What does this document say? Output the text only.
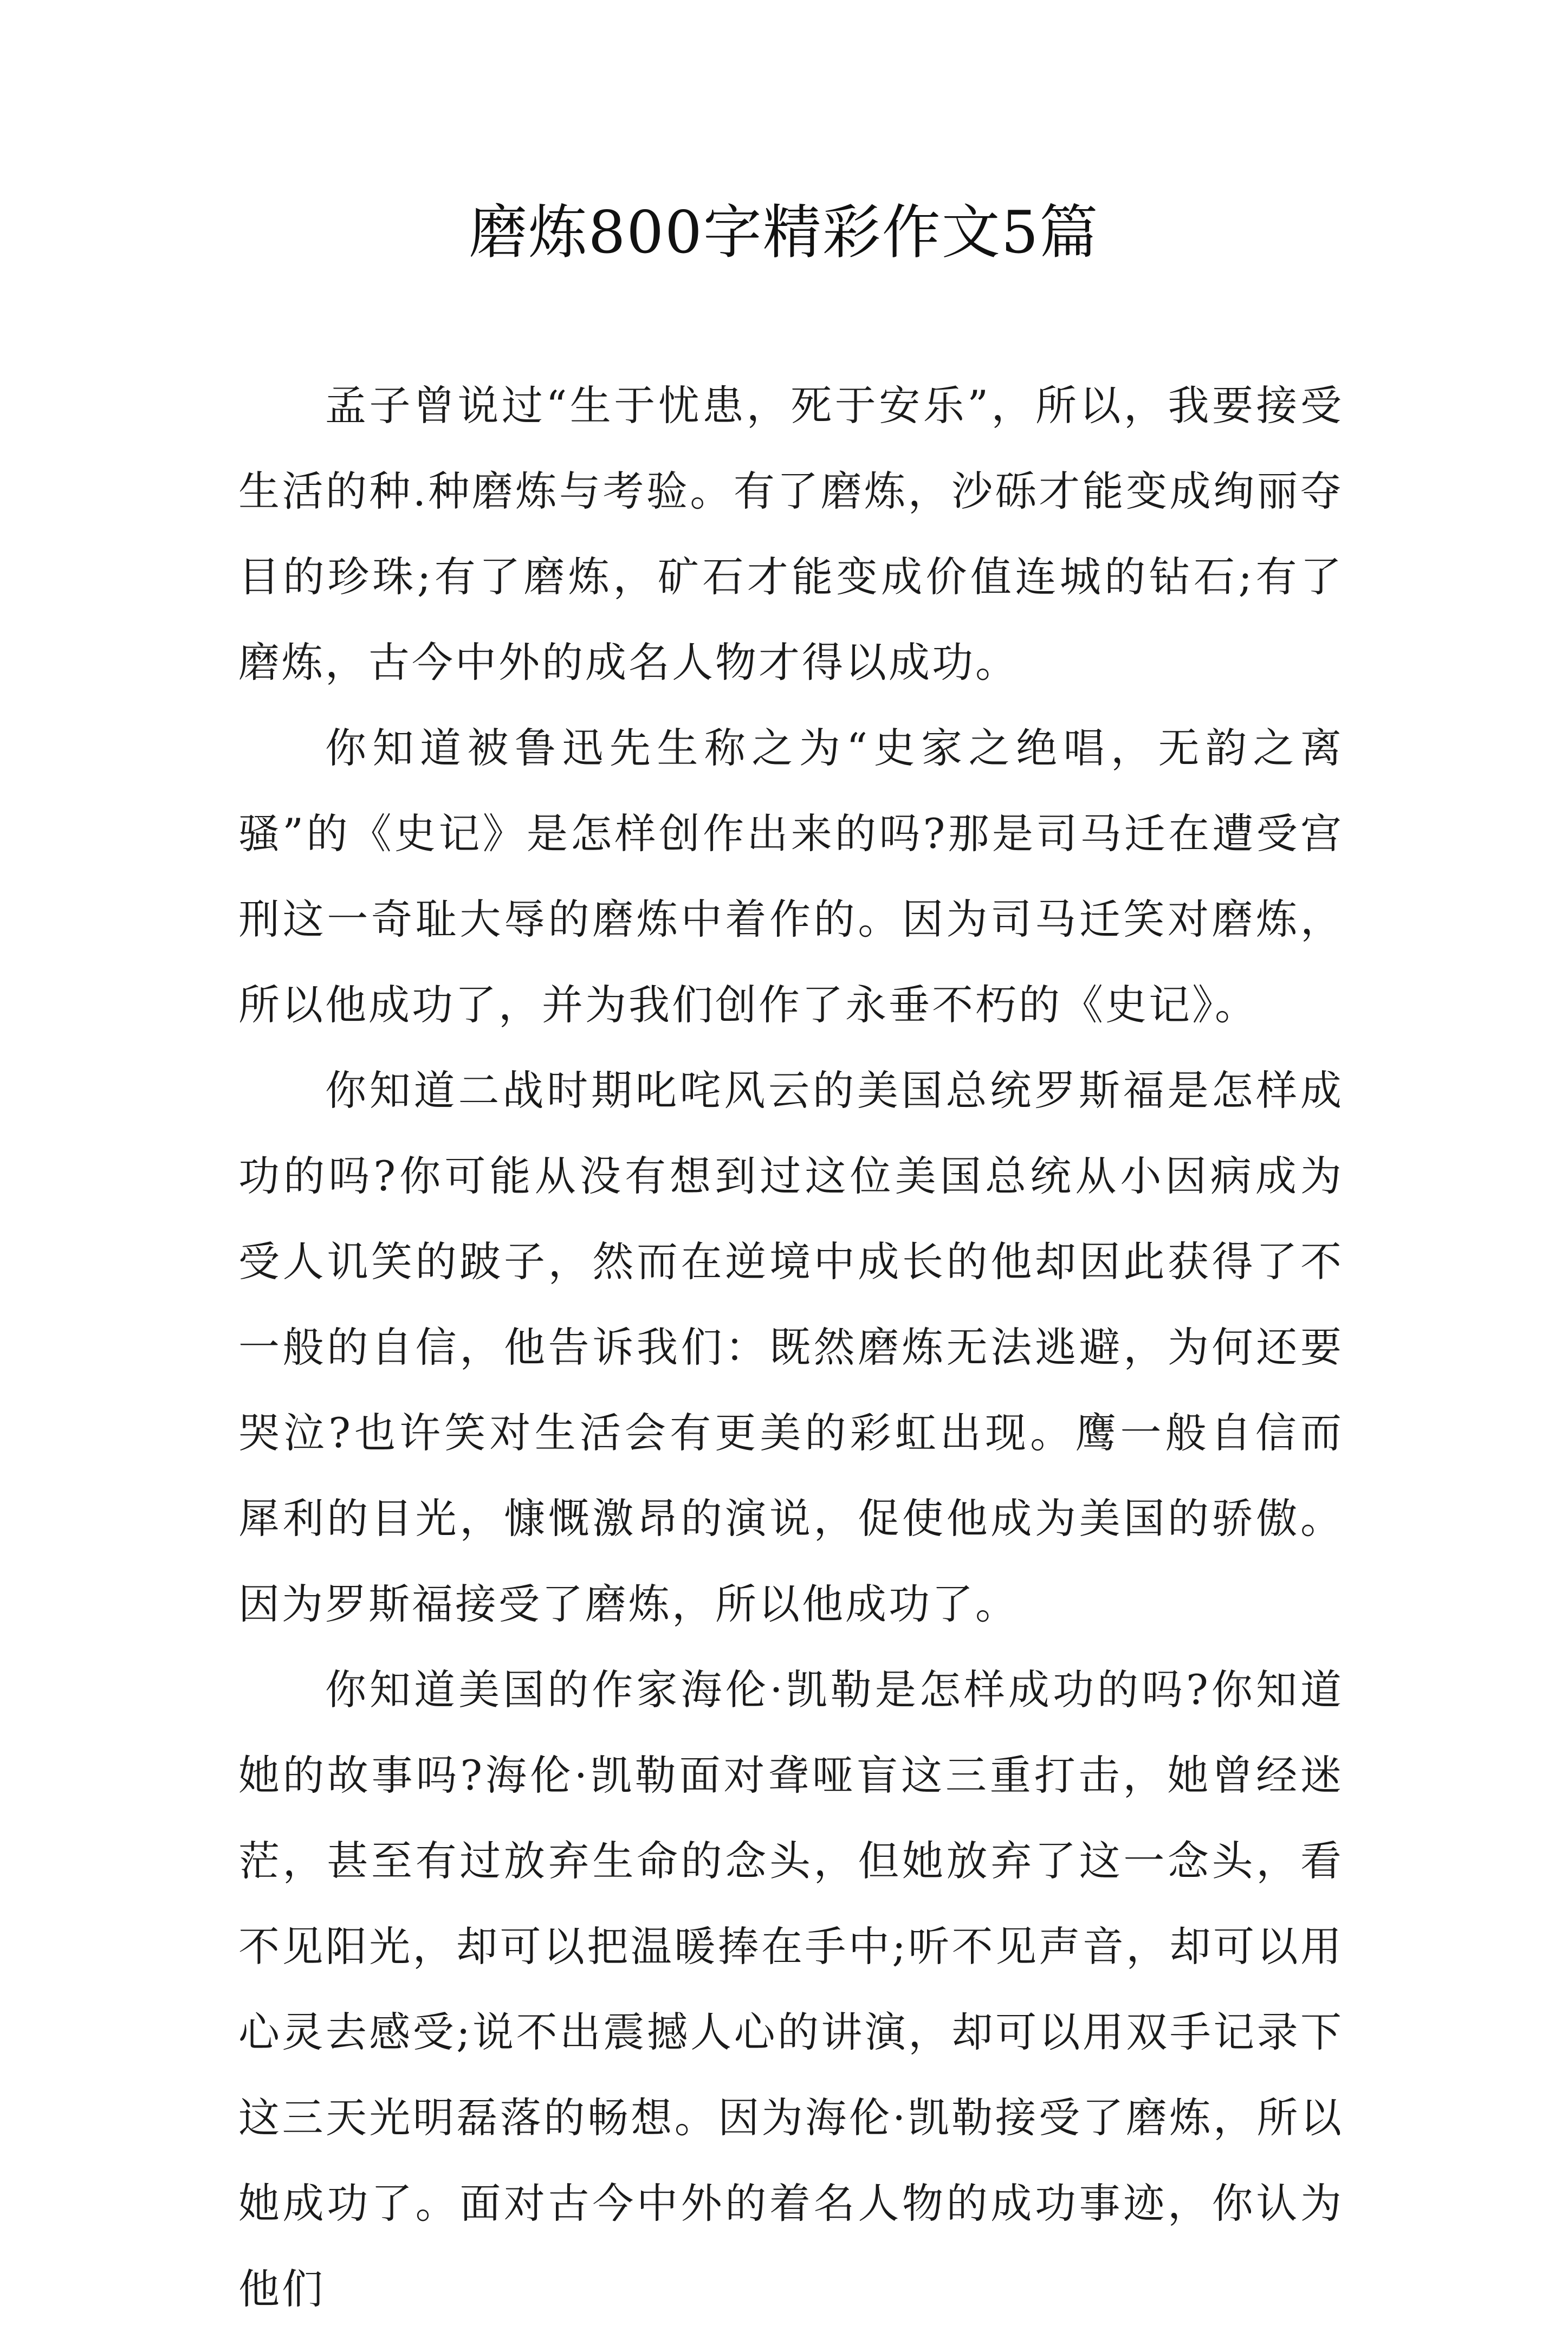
磨炼800字精彩作文5篇

孟子曾说过“生于忧患，死于安乐”，所以，我要接受生活的种.种磨炼与考验。有了磨炼，沙砾才能变成绚丽夺目的珍珠;有了磨炼，矿石才能变成价值连城的钻石;有了磨炼，古今中外的成名人物才得以成功。

你知道被鲁迅先生称之为“史家之绝唱，无韵之离骚”的《史记》是怎样创作出来的吗?那是司马迁在遭受宫刑这一奇耻大辱的磨炼中着作的。因为司马迁笑对磨炼，所以他成功了，并为我们创作了永垂不朽的《史记》。

你知道二战时期叱咤风云的美国总统罗斯福是怎样成功的吗?你可能从没有想到过这位美国总统从小因病成为受人讥笑的跛子，然而在逆境中成长的他却因此获得了不一般的自信，他告诉我们：既然磨炼无法逃避，为何还要哭泣?也许笑对生活会有更美的彩虹出现。鹰一般自信而犀利的目光，慷慨激昂的演说，促使他成为美国的骄傲。因为罗斯福接受了磨炼，所以他成功了。

你知道美国的作家海伦·凯勒是怎样成功的吗?你知道她的故事吗?海伦·凯勒面对聋哑盲这三重打击，她曾经迷茫，甚至有过放弃生命的念头，但她放弃了这一念头，看不见阳光，却可以把温暖捧在手中;听不见声音，却可以用心灵去感受;说不出震撼人心的讲演，却可以用双手记录下这三天光明磊落的畅想。因为海伦·凯勒接受了磨炼，所以她成功了。面对古今中外的着名人物的成功事迹，你认为他们
